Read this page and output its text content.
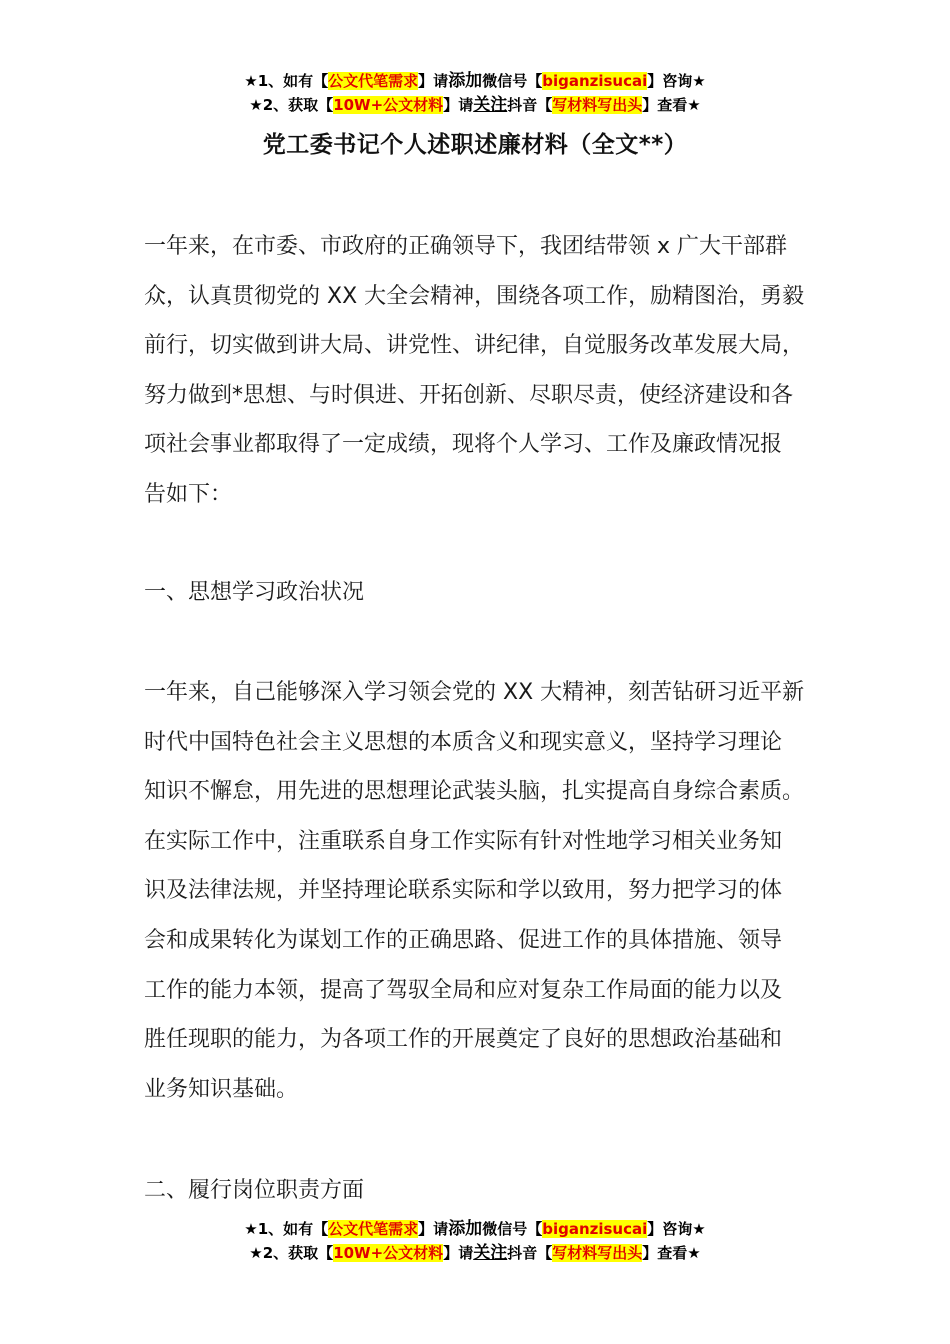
★1、如有【公文代笔需求】请添加微信号【biganzisucai】咨询★
★2、获取【10W+公文材料】请关注抖音【写材料写出头】查看★
党工委书记个人述职述廉材料（全文**）

一年来，在市委、市政府的正确领导下，我团结带领 x 广大干部群
众，认真贯彻党的 XX 大全会精神，围绕各项工作，励精图治，勇毅
前行，切实做到讲大局、讲党性、讲纪律，自觉服务改革发展大局，
努力做到*思想、与时俱进、开拓创新、尽职尽责，使经济建设和各
项社会事业都取得了一定成绩，现将个人学习、工作及廉政情况报
告如下：

一、思想学习政治状况

一年来，自己能够深入学习领会党的 XX 大精神，刻苦钻研习近平新
时代中国特色社会主义思想的本质含义和现实意义，坚持学习理论
知识不懈怠，用先进的思想理论武装头脑，扎实提高自身综合素质。
在实际工作中，注重联系自身工作实际有针对性地学习相关业务知
识及法律法规，并坚持理论联系实际和学以致用，努力把学习的体
会和成果转化为谋划工作的正确思路、促进工作的具体措施、领导
工作的能力本领，提高了驾驭全局和应对复杂工作局面的能力以及
胜任现职的能力，为各项工作的开展奠定了良好的思想政治基础和
业务知识基础。

二、履行岗位职责方面

★1、如有【公文代笔需求】请添加微信号【biganzisucai】咨询★
★2、获取【10W+公文材料】请关注抖音【写材料写出头】查看★
